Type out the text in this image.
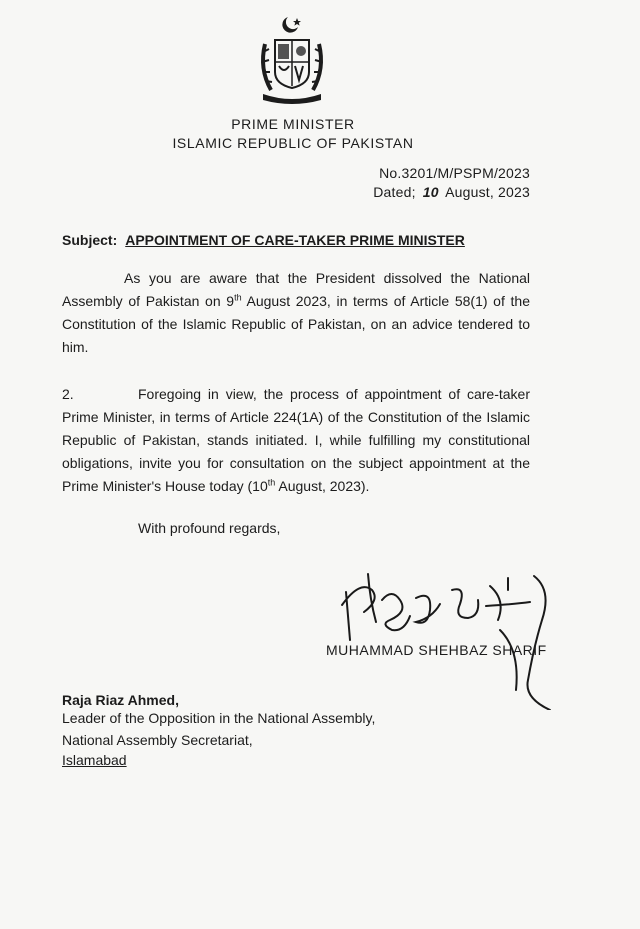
PRIME MINISTER
ISLAMIC REPUBLIC OF PAKISTAN
No.3201/M/PSPM/2023
Dated; 10 August, 2023
Subject: APPOINTMENT OF CARE-TAKER PRIME MINISTER
As you are aware that the President dissolved the National Assembly of Pakistan on 9th August 2023, in terms of Article 58(1) of the Constitution of the Islamic Republic of Pakistan, on an advice tendered to him.
2.	Foregoing in view, the process of appointment of care-taker Prime Minister, in terms of Article 224(1A) of the Constitution of the Islamic Republic of Pakistan, stands initiated. I, while fulfilling my constitutional obligations, invite you for consultation on the subject appointment at the Prime Minister's House today (10th August, 2023).
With profound regards,
MUHAMMAD SHEHBAZ SHARIF
Raja Riaz Ahmed,
Leader of the Opposition in the National Assembly,
National Assembly Secretariat,
Islamabad
